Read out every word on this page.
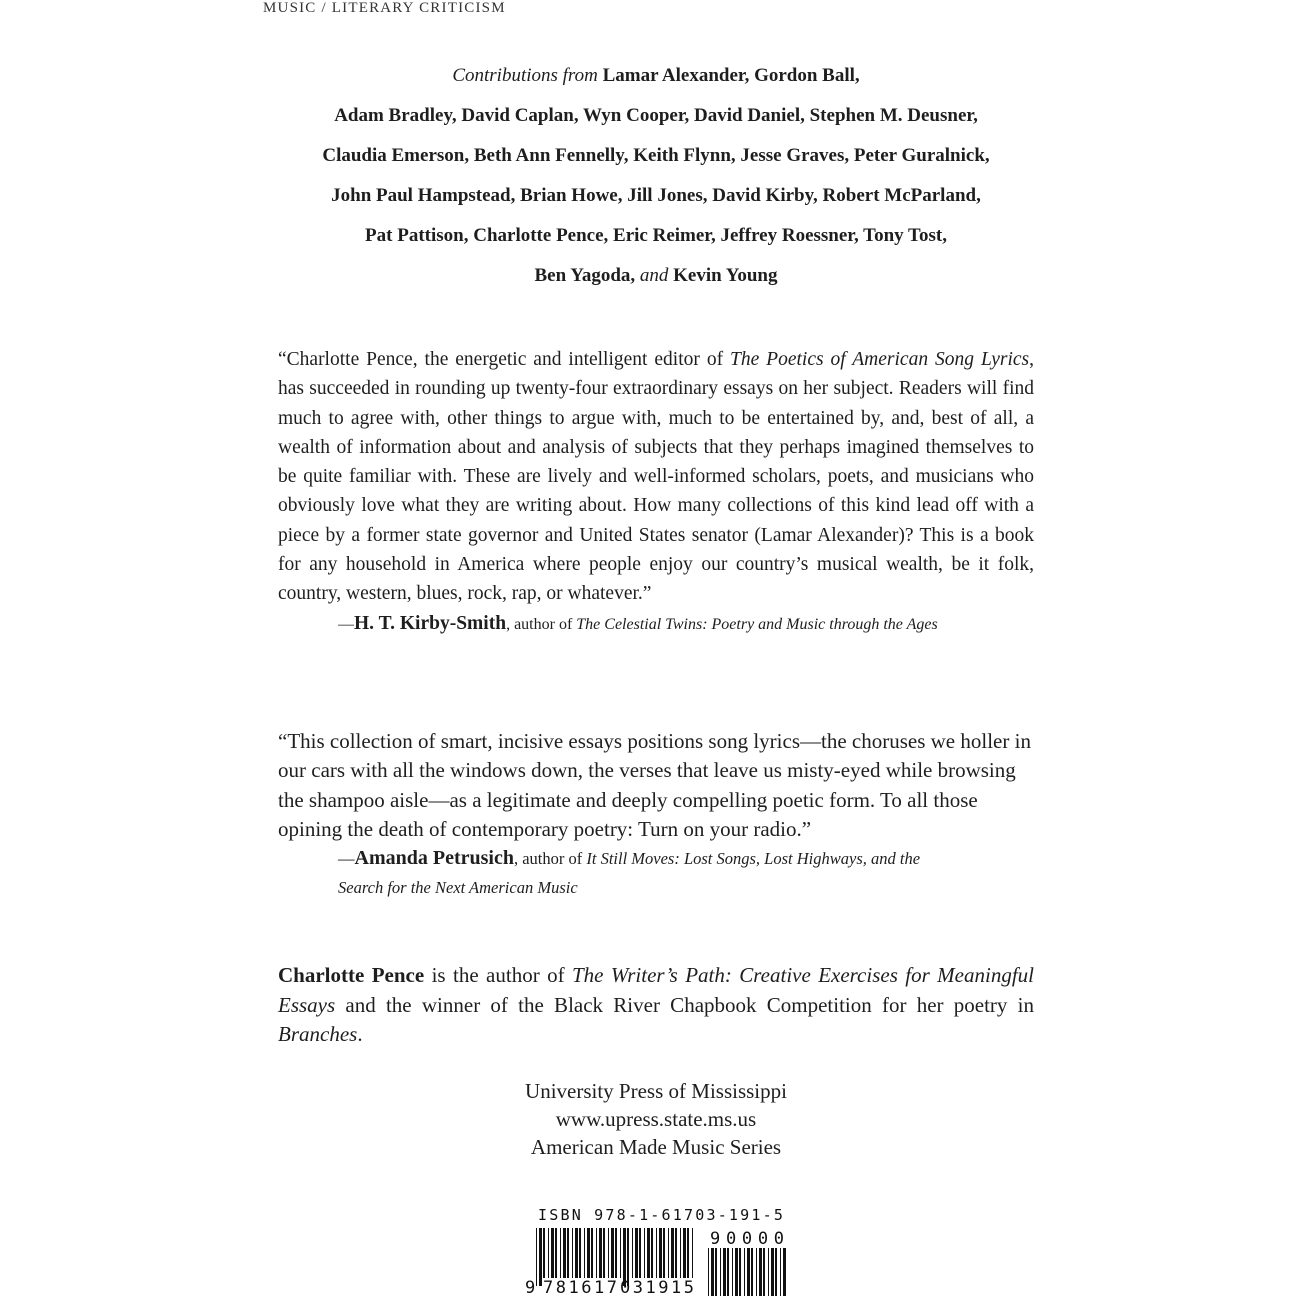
MUSIC / LITERARY CRITICISM
Contributions from Lamar Alexander, Gordon Ball,
Adam Bradley, David Caplan, Wyn Cooper, David Daniel, Stephen M. Deusner,
Claudia Emerson, Beth Ann Fennelly, Keith Flynn, Jesse Graves, Peter Guralnick,
John Paul Hampstead, Brian Howe, Jill Jones, David Kirby, Robert McParland,
Pat Pattison, Charlotte Pence, Eric Reimer, Jeffrey Roessner, Tony Tost,
Ben Yagoda, and Kevin Young

“Charlotte Pence, the energetic and intelligent editor of The Poetics of American Song Lyrics, has succeeded in rounding up twenty-four extraordinary essays on her subject. Readers will find much to agree with, other things to argue with, much to be entertained by, and, best of all, a wealth of information about and analysis of subjects that they perhaps imagined themselves to be quite familiar with. These are lively and well-informed scholars, poets, and musicians who obviously love what they are writing about. How many collections of this kind lead off with a piece by a former state governor and United States senator (Lamar Alexander)? This is a book for any household in America where people enjoy our country’s musical wealth, be it folk, country, western, blues, rock, rap, or whatever.”

—H. T. Kirby-Smith, author of The Celestial Twins: Poetry and Music through the Ages

“This collection of smart, incisive essays positions song lyrics—the choruses we holler in our cars with all the windows down, the verses that leave us misty-eyed while browsing the shampoo aisle—as a legitimate and deeply compelling poetic form. To all those opining the death of contemporary poetry: Turn on your radio.”

—Amanda Petrusich, author of It Still Moves: Lost Songs, Lost Highways, and the
Search for the Next American Music

Charlotte Pence is the author of The Writer’s Path: Creative Exercises for Meaningful Essays and the winner of the Black River Chapbook Competition for her poetry in Branches.
University Press of Mississippi
www.upress.state.ms.us
American Made Music Series
ISBN 978-1-61703-191-5
9 781617 031915
90000
